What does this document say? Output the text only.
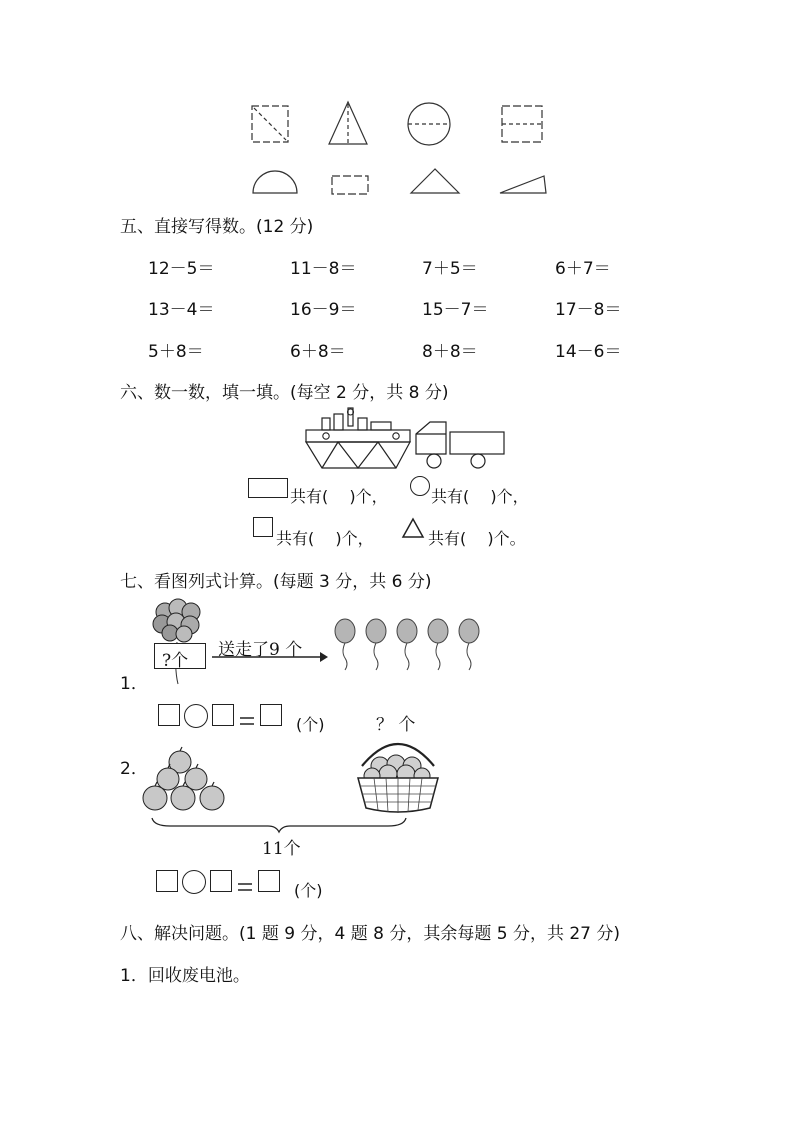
五、直接写得数。(12 分)
12－5＝	11－8＝	7＋5＝	6＋7＝
13－4＝	16－9＝	15－7＝	17－8＝
5＋8＝	6＋8＝	8＋8＝	14－6＝
六、数一数，填一填。(每空 2 分，共 8 分)
共有(　 )个，	共有(　 )个，
共有(　 )个，	共有(　 )个。
七、看图列式计算。(每题 3 分，共 6 分)
1．
?个
送走了9 个
(个)
2．
？ 个
11个
(个)
八、解决问题。(1 题 9 分，4 题 8 分，其余每题 5 分，共 27 分)
1．回收废电池。
